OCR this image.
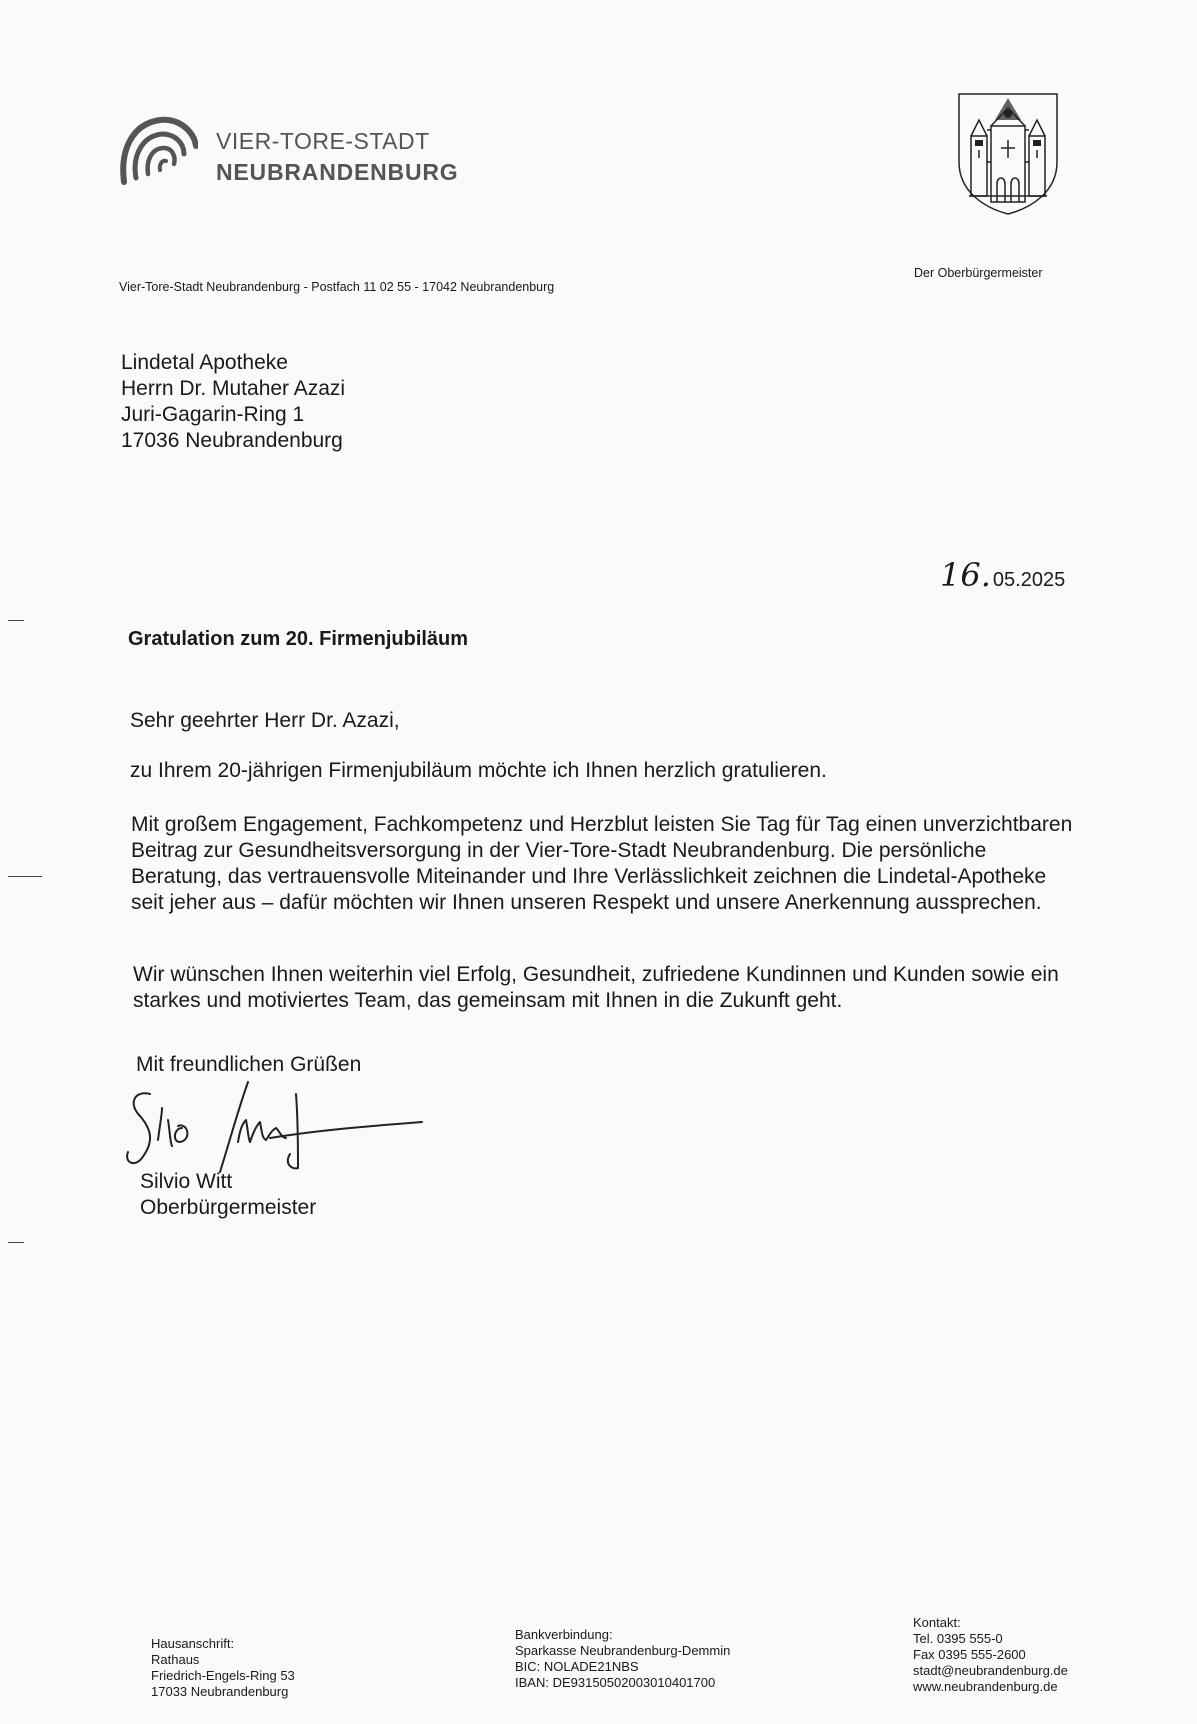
VIER-TORE-STADT
NEUBRANDENBURG
Vier-Tore-Stadt Neubrandenburg - Postfach 11 02 55 - 17042 Neubrandenburg
Der Oberbürgermeister
Lindetal Apotheke
Herrn Dr. Mutaher Azazi
Juri-Gagarin-Ring 1
17036 Neubrandenburg
16. 05.2025
Gratulation zum 20. Firmenjubiläum
Sehr geehrter Herr Dr. Azazi,
zu Ihrem 20-jährigen Firmenjubiläum möchte ich Ihnen herzlich gratulieren.
Mit großem Engagement, Fachkompetenz und Herzblut leisten Sie Tag für Tag einen unverzichtbaren Beitrag zur Gesundheitsversorgung in der Vier-Tore-Stadt Neubrandenburg. Die persönliche Beratung, das vertrauensvolle Miteinander und Ihre Verlässlichkeit zeichnen die Lindetal-Apotheke seit jeher aus – dafür möchten wir Ihnen unseren Respekt und unsere Anerkennung aussprechen.
Wir wünschen Ihnen weiterhin viel Erfolg, Gesundheit, zufriedene Kundinnen und Kunden sowie ein starkes und motiviertes Team, das gemeinsam mit Ihnen in die Zukunft geht.
Mit freundlichen Grüßen
Silvio Witt
Oberbürgermeister
Hausanschrift:
Rathaus
Friedrich-Engels-Ring 53
17033 Neubrandenburg
Bankverbindung:
Sparkasse Neubrandenburg-Demmin
BIC: NOLADE21NBS
IBAN: DE93150502003010401700
Kontakt:
Tel. 0395 555-0
Fax 0395 555-2600
stadt@neubrandenburg.de
www.neubrandenburg.de
